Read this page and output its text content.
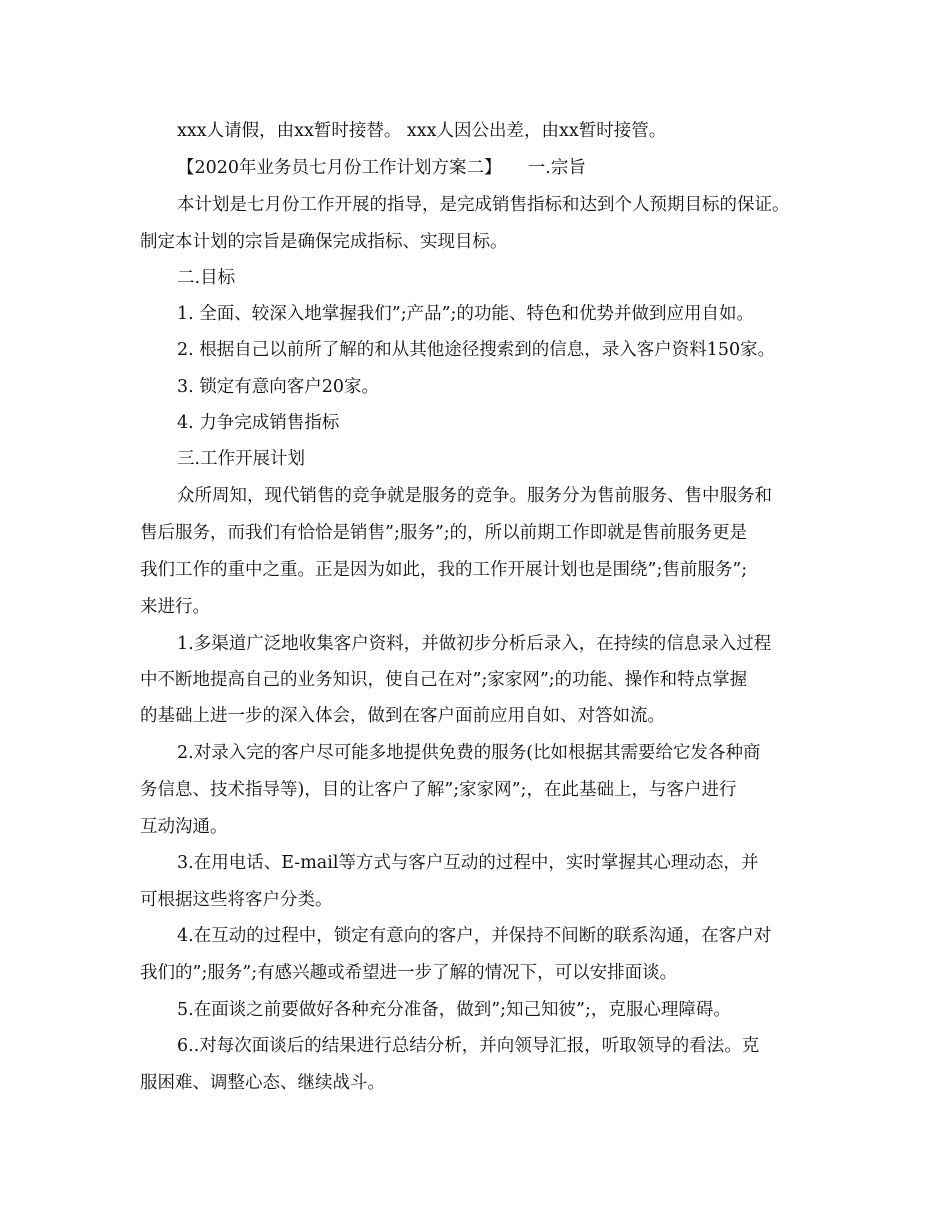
xxx人请假，由xx暂时接替。 xxx人因公出差，由xx暂时接管。
【2020年业务员七月份工作计划方案二】　　一.宗旨
本计划是七月份工作开展的指导，是完成销售指标和达到个人预期目标的保证。
制定本计划的宗旨是确保完成指标、实现目标。
二.目标
1. 全面、较深入地掌握我们”;产品”;的功能、特色和优势并做到应用自如。
2. 根据自己以前所了解的和从其他途径搜索到的信息，录入客户资料150家。
3. 锁定有意向客户20家。
4. 力争完成销售指标
三.工作开展计划
众所周知，现代销售的竞争就是服务的竞争。服务分为售前服务、售中服务和
售后服务，而我们有恰恰是销售”;服务”;的，所以前期工作即就是售前服务更是
我们工作的重中之重。正是因为如此，我的工作开展计划也是围绕”;售前服务”;
来进行。
1.多渠道广泛地收集客户资料，并做初步分析后录入，在持续的信息录入过程
中不断地提高自己的业务知识，使自己在对”;家家网”;的功能、操作和特点掌握
的基础上进一步的深入体会，做到在客户面前应用自如、对答如流。
2.对录入完的客户尽可能多地提供免费的服务(比如根据其需要给它发各种商
务信息、技术指导等)，目的让客户了解”;家家网”;，在此基础上，与客户进行
互动沟通。
3.在用电话、E-mail等方式与客户互动的过程中，实时掌握其心理动态，并
可根据这些将客户分类。
4.在互动的过程中，锁定有意向的客户，并保持不间断的联系沟通，在客户对
我们的”;服务”;有感兴趣或希望进一步了解的情况下，可以安排面谈。
5.在面谈之前要做好各种充分准备，做到”;知己知彼”;，克服心理障碍。
6..对每次面谈后的结果进行总结分析，并向领导汇报，听取领导的看法。克
服困难、调整心态、继续战斗。
